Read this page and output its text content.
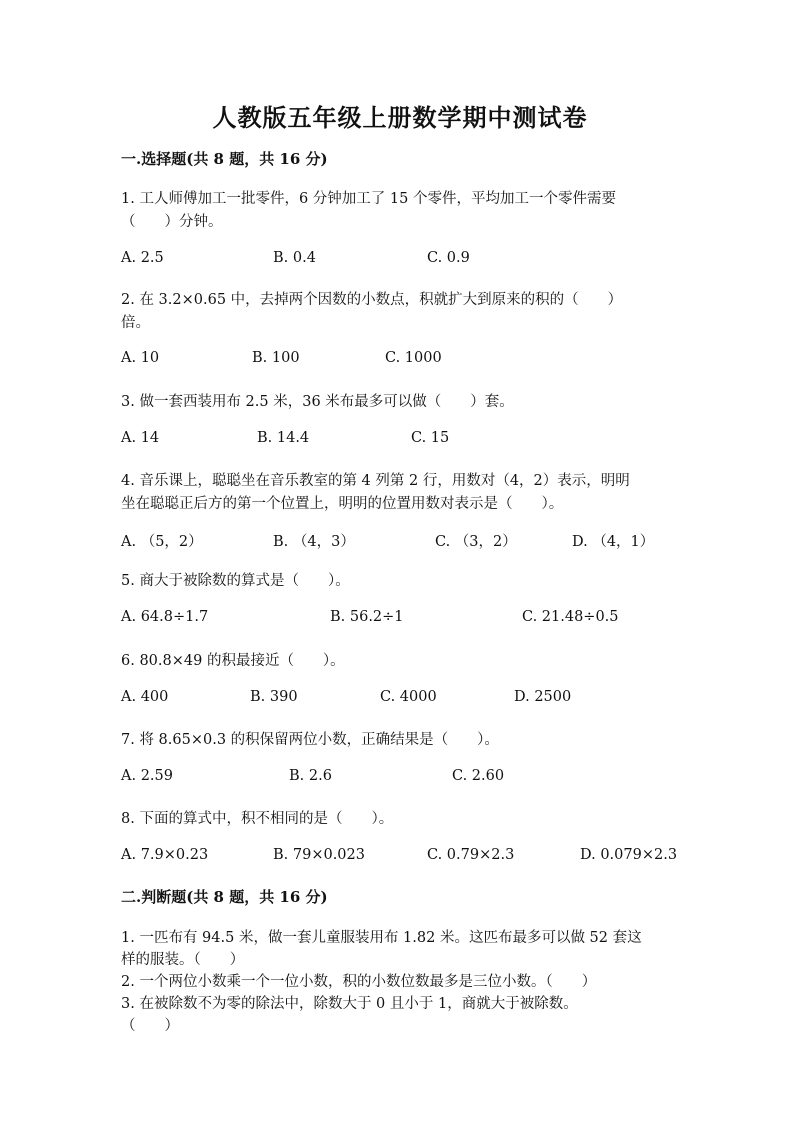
人教版五年级上册数学期中测试卷
一.选择题(共 8 题，共 16 分)
1. 工人师傅加工一批零件，6 分钟加工了 15 个零件，平均加工一个零件需要
（　　）分钟。
A. 2.5	B. 0.4	C. 0.9
2. 在 3.2×0.65 中，去掉两个因数的小数点，积就扩大到原来的积的（　　）
倍。
A. 10	B. 100	C. 1000
3. 做一套西装用布 2.5 米，36 米布最多可以做（　　）套。
A. 14	B. 14.4	C. 15
4. 音乐课上，聪聪坐在音乐教室的第 4 列第 2 行，用数对（4，2）表示，明明
坐在聪聪正后方的第一个位置上，明明的位置用数对表示是（　　）。
A. （5，2）	B. （4，3）	C. （3，2）	D. （4，1）
5. 商大于被除数的算式是（　　）。
A. 64.8÷1.7	B. 56.2÷1	C. 21.48÷0.5
6. 80.8×49 的积最接近（　　）。
A. 400	B. 390	C. 4000	D. 2500
7. 将 8.65×0.3 的积保留两位小数，正确结果是（　　）。
A. 2.59	B. 2.6	C. 2.60
8. 下面的算式中，积不相同的是（　　）。
A. 7.9×0.23	B. 79×0.023	C. 0.79×2.3	D. 0.079×2.3
二.判断题(共 8 题，共 16 分)
1. 一匹布有 94.5 米，做一套儿童服装用布 1.82 米。这匹布最多可以做 52 套这
样的服装。（　　）
2. 一个两位小数乘一个一位小数，积的小数位数最多是三位小数。（　　）
3. 在被除数不为零的除法中，除数大于 0 且小于 1，商就大于被除数。
（　　）
